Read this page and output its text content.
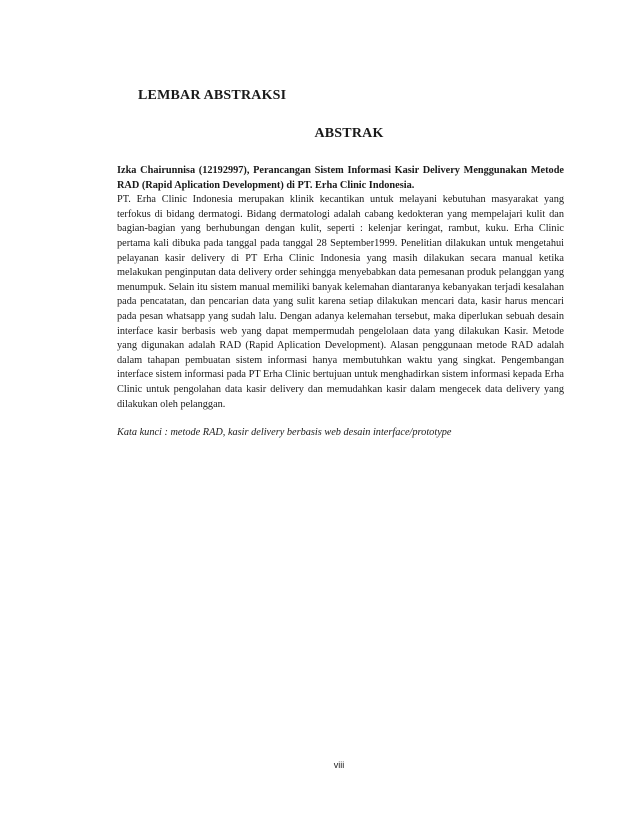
LEMBAR ABSTRAKSI
ABSTRAK

Izka Chairunnisa (12192997), Perancangan Sistem Informasi Kasir Delivery Menggunakan Metode RAD (Rapid Aplication Development) di PT. Erha Clinic Indonesia.

PT. Erha Clinic Indonesia merupakan klinik kecantikan untuk melayani kebutuhan masyarakat yang terfokus di bidang dermatogi. Bidang dermatologi adalah cabang kedokteran yang mempelajari kulit dan bagian-bagian yang berhubungan dengan kulit, seperti : kelenjar keringat, rambut, kuku. Erha Clinic pertama kali dibuka pada tanggal pada tanggal 28 September1999. Penelitian dilakukan untuk mengetahui pelayanan kasir delivery di PT Erha Clinic Indonesia yang masih dilakukan secara manual ketika melakukan penginputan data delivery order sehingga menyebabkan data pemesanan produk pelanggan yang menumpuk. Selain itu sistem manual memiliki banyak kelemahan diantaranya kebanyakan terjadi kesalahan pada pencatatan, dan pencarian data yang sulit karena setiap dilakukan mencari data, kasir harus mencari pada pesan whatsapp yang sudah lalu. Dengan adanya kelemahan tersebut, maka diperlukan sebuah desain interface kasir berbasis web yang dapat mempermudah pengelolaan data yang dilakukan Kasir. Metode yang digunakan adalah RAD (Rapid Aplication Development). Alasan penggunaan metode RAD adalah dalam tahapan pembuatan sistem informasi hanya membutuhkan waktu yang singkat. Pengembangan interface sistem informasi pada PT Erha Clinic bertujuan untuk menghadirkan sistem informasi kepada Erha Clinic untuk pengolahan data kasir delivery dan memudahkan kasir dalam mengecek data delivery yang dilakukan oleh pelanggan.

Kata kunci : metode RAD, kasir delivery berbasis web desain interface/prototype

viii
